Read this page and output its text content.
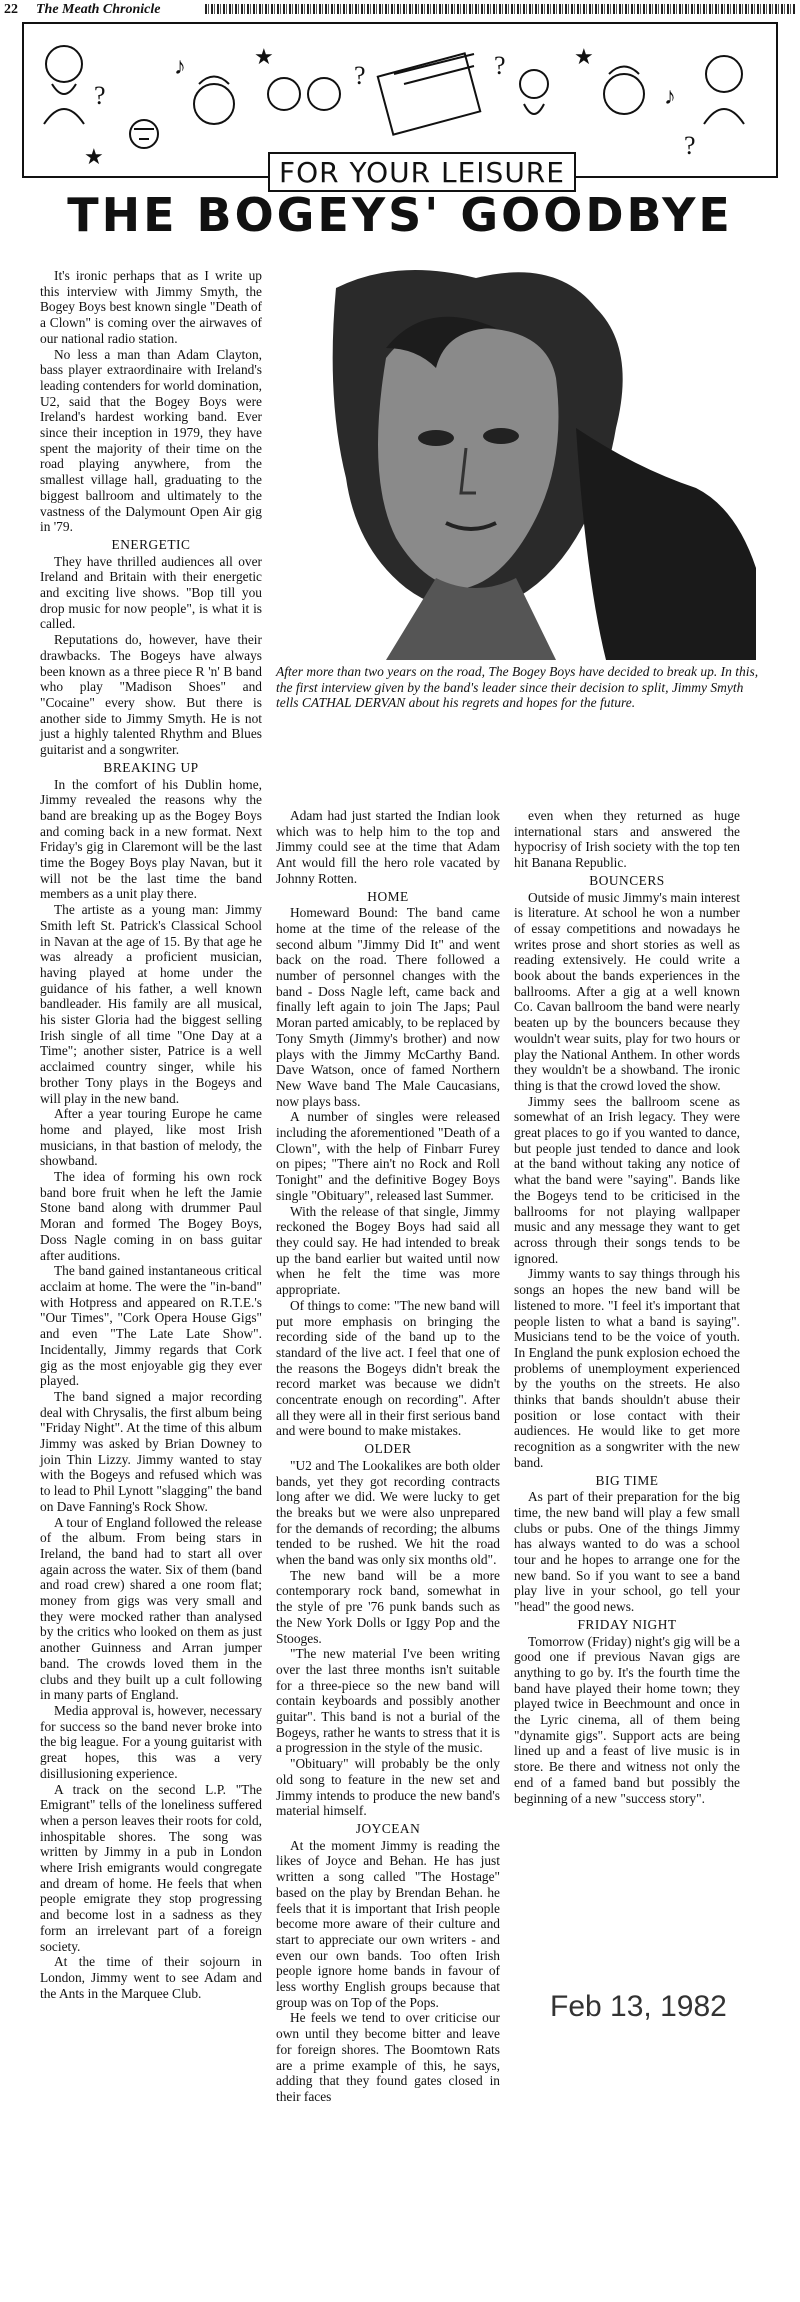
22 The Meath Chronicle
?
♪	★
?	?	★
♪
?
★	FOR YOUR LEISURE
THE BOGEYS' GOODBYE

It's ironic perhaps that as I write up this interview with Jimmy Smyth, the Bogey Boys best known single "Death of a Clown" is coming over the airwaves of our national radio station.

No less a man than Adam Clayton, bass player extraordinaire with Ireland's leading contenders for world domination, U2, said that the Bogey Boys were Ireland's hardest working band. Ever since their inception in 1979, they have spent the majority of their time on the road playing anywhere, from the smallest village hall, graduating to the biggest ballroom and ultimately to the vastness of the Dalymount Open Air gig in '79.

ENERGETIC

They have thrilled audiences all over Ireland and Britain with their energetic and exciting live shows. "Bop till you drop music for now people", is what it is called.

Reputations do, however, have their drawbacks. The Bogeys have always been known as a three piece R 'n' B band who play "Madison Shoes" and "Cocaine" every show. But there is another side to Jimmy Smyth. He is not just a highly talented Rhythm and Blues guitarist and a songwriter.

BREAKING UP

In the comfort of his Dublin home, Jimmy revealed the reasons why the band are breaking up as the Bogey Boys and coming back in a new format. Next Friday's gig in Claremont will be the last time the Bogey Boys play Navan, but it will not be the last time the band members as a unit play there.

The artiste as a young man: Jimmy Smith left St. Patrick's Classical School in Navan at the age of 15. By that age he was already a proficient musician, having played at home under the guidance of his father, a well known bandleader. His family are all musical, his sister Gloria had the biggest selling Irish single of all time "One Day at a Time"; another sister, Patrice is a well acclaimed country singer, while his brother Tony plays in the Bogeys and will play in the new band.

After a year touring Europe he came home and played, like most Irish musicians, in that bastion of melody, the showband.

The idea of forming his own rock band bore fruit when he left the Jamie Stone band along with drummer Paul Moran and formed The Bogey Boys, Doss Nagle coming in on bass guitar after auditions.

The band gained instantaneous critical acclaim at home. The were the "in-band" with Hotpress and appeared on R.T.E.'s "Our Times", "Cork Opera House Gigs" and even "The Late Late Show". Incidentally, Jimmy regards that Cork gig as the most enjoyable gig they ever played.

The band signed a major recording deal with Chrysalis, the first album being "Friday Night". At the time of this album Jimmy was asked by Brian Downey to join Thin Lizzy. Jimmy wanted to stay with the Bogeys and refused which was to lead to Phil Lynott "slagging" the band on Dave Fanning's Rock Show.

A tour of England followed the release of the album. From being stars in Ireland, the band had to start all over again across the water. Six of them (band and road crew) shared a one room flat; money from gigs was very small and they were mocked rather than analysed by the critics who looked on them as just another Guinness and Arran jumper band. The crowds loved them in the clubs and they built up a cult following in many parts of England.

Media approval is, however, necessary for success so the band never broke into the big league. For a young guitarist with great hopes, this was a very disillusioning experience.

A track on the second L.P. "The Emigrant" tells of the loneliness suffered when a person leaves their roots for cold, inhospitable shores. The song was written by Jimmy in a pub in London where Irish emigrants would congregate and dream of home. He feels that when people emigrate they stop progressing and become lost in a sadness as they form an irrelevant part of a foreign society.

At the time of their sojourn in London, Jimmy went to see Adam and the Ants in the Marquee Club.

After more than two years on the road, The Bogey Boys have decided to break up. In this, the first interview given by the band's leader since their decision to split, Jimmy Smyth tells CATHAL DERVAN about his regrets and hopes for the future.

Adam had just started the Indian look which was to help him to the top and Jimmy could see at the time that Adam Ant would fill the hero role vacated by Johnny Rotten.

HOME

Homeward Bound: The band came home at the time of the release of the second album "Jimmy Did It" and went back on the road. There followed a number of personnel changes with the band - Doss Nagle left, came back and finally left again to join The Japs; Paul Moran parted amicably, to be replaced by Tony Smyth (Jimmy's brother) and now plays with the Jimmy McCarthy Band. Dave Watson, once of famed Northern New Wave band The Male Caucasians, now plays bass.

A number of singles were released including the aforementioned "Death of a Clown", with the help of Finbarr Furey on pipes; "There ain't no Rock and Roll Tonight" and the definitive Bogey Boys single "Obituary", released last Summer.

With the release of that single, Jimmy reckoned the Bogey Boys had said all they could say. He had intended to break up the band earlier but waited until now when he felt the time was more appropriate.

Of things to come: "The new band will put more emphasis on bringing the recording side of the band up to the standard of the live act. I feel that one of the reasons the Bogeys didn't break the record market was because we didn't concentrate enough on recording". After all they were all in their first serious band and were bound to make mistakes.

OLDER

"U2 and The Lookalikes are both older bands, yet they got recording contracts long after we did. We were lucky to get the breaks but we were also unprepared for the demands of recording; the albums tended to be rushed. We hit the road when the band was only six months old".

The new band will be a more contemporary rock band, somewhat in the style of pre '76 punk bands such as the New York Dolls or Iggy Pop and the Stooges.

"The new material I've been writing over the last three months isn't suitable for a three-piece so the new band will contain keyboards and possibly another guitar". This band is not a burial of the Bogeys, rather he wants to stress that it is a progression in the style of the music.

"Obituary" will probably be the only old song to feature in the new set and Jimmy intends to produce the new band's material himself.

JOYCEAN

At the moment Jimmy is reading the likes of Joyce and Behan. He has just written a song called "The Hostage" based on the play by Brendan Behan. he feels that it is important that Irish people become more aware of their culture and start to appreciate our own writers - and even our own bands. Too often Irish people ignore home bands in favour of less worthy English groups because that group was on Top of the Pops.

He feels we tend to over criticise our own until they become bitter and leave for foreign shores. The Boomtown Rats are a prime example of this, he says, adding that they found gates closed in their faces

even when they returned as huge international stars and answered the hypocrisy of Irish society with the top ten hit Banana Republic.

BOUNCERS

Outside of music Jimmy's main interest is literature. At school he won a number of essay competitions and nowadays he writes prose and short stories as well as reading extensively. He could write a book about the bands experiences in the ballrooms. After a gig at a well known Co. Cavan ballroom the band were nearly beaten up by the bouncers because they wouldn't wear suits, play for two hours or play the National Anthem. In other words they wouldn't be a showband. The ironic thing is that the crowd loved the show.

Jimmy sees the ballroom scene as somewhat of an Irish legacy. They were great places to go if you wanted to dance, but people just tended to dance and look at the band without taking any notice of what the band were "saying". Bands like the Bogeys tend to be criticised in the ballrooms for not playing wallpaper music and any message they want to get across through their songs tends to be ignored.

Jimmy wants to say things through his songs an hopes the new band will be listened to more. "I feel it's important that people listen to what a band is saying". Musicians tend to be the voice of youth. In England the punk explosion echoed the problems of unemployment experienced by the youths on the streets. He also thinks that bands shouldn't abuse their position or lose contact with their audiences. He would like to get more recognition as a songwriter with the new band.

BIG TIME

As part of their preparation for the big time, the new band will play a few small clubs or pubs. One of the things Jimmy has always wanted to do was a school tour and he hopes to arrange one for the new band. So if you want to see a band play live in your school, go tell your "head" the good news.

FRIDAY NIGHT

Tomorrow (Friday) night's gig will be a good one if previous Navan gigs are anything to go by. It's the fourth time the band have played their home town; they played twice in Beechmount and once in the Lyric cinema, all of them being "dynamite gigs". Support acts are being lined up and a feast of live music is in store. Be there and witness not only the end of a famed band but possibly the beginning of a new "success story".

Feb 13, 1982
